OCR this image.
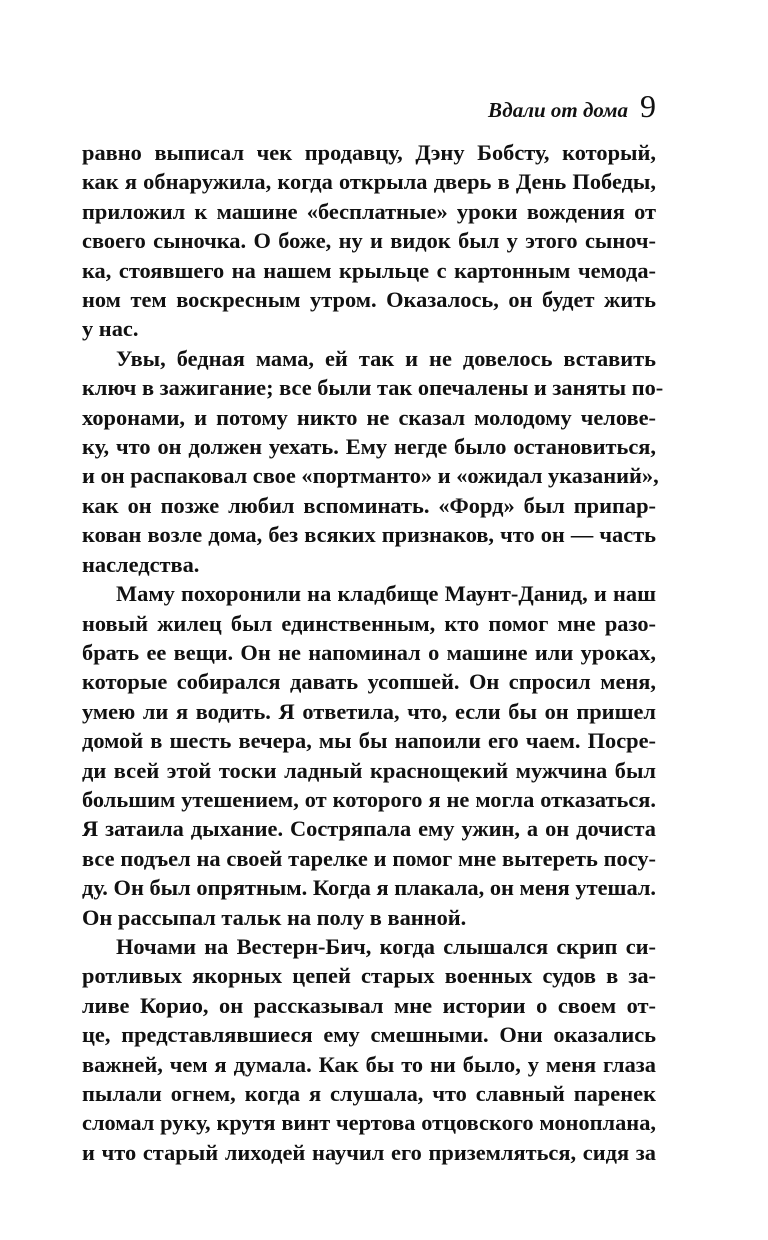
Вдали от дома 9
равно выписал чек продавцу, Дэну Бобсту, который,
как я обнаружила, когда открыла дверь в День Победы,
приложил к машине «бесплатные» уроки вождения от
своего сыночка. О боже, ну и видок был у этого сыноч-
ка, стоявшего на нашем крыльце с картонным чемода-
ном тем воскресным утром. Оказалось, он будет жить
у нас.
Увы, бедная мама, ей так и не довелось вставить
ключ в зажигание; все были так опечалены и заняты по-
хоронами, и потому никто не сказал молодому челове-
ку, что он должен уехать. Ему негде было остановиться,
и он распаковал свое «портманто» и «ожидал указаний»,
как он позже любил вспоминать. «Форд» был припар-
кован возле дома, без всяких признаков, что он — часть
наследства.
Маму похоронили на кладбище Маунт-Данид, и наш
новый жилец был единственным, кто помог мне разо-
брать ее вещи. Он не напоминал о машине или уроках,
которые собирался давать усопшей. Он спросил меня,
умею ли я водить. Я ответила, что, если бы он пришел
домой в шесть вечера, мы бы напоили его чаем. Посре-
ди всей этой тоски ладный краснощекий мужчина был
большим утешением, от которого я не могла отказаться.
Я затаила дыхание. Состряпала ему ужин, а он дочиста
все подъел на своей тарелке и помог мне вытереть посу-
ду. Он был опрятным. Когда я плакала, он меня утешал.
Он рассыпал тальк на полу в ванной.
Ночами на Вестерн-Бич, когда слышался скрип си-
ротливых якорных цепей старых военных судов в за-
ливе Корио, он рассказывал мне истории о своем от-
це, представлявшиеся ему смешными. Они оказались
важней, чем я думала. Как бы то ни было, у меня глаза
пылали огнем, когда я слушала, что славный паренек
сломал руку, крутя винт чертова отцовского моноплана,
и что старый лиходей научил его приземляться, сидя за
